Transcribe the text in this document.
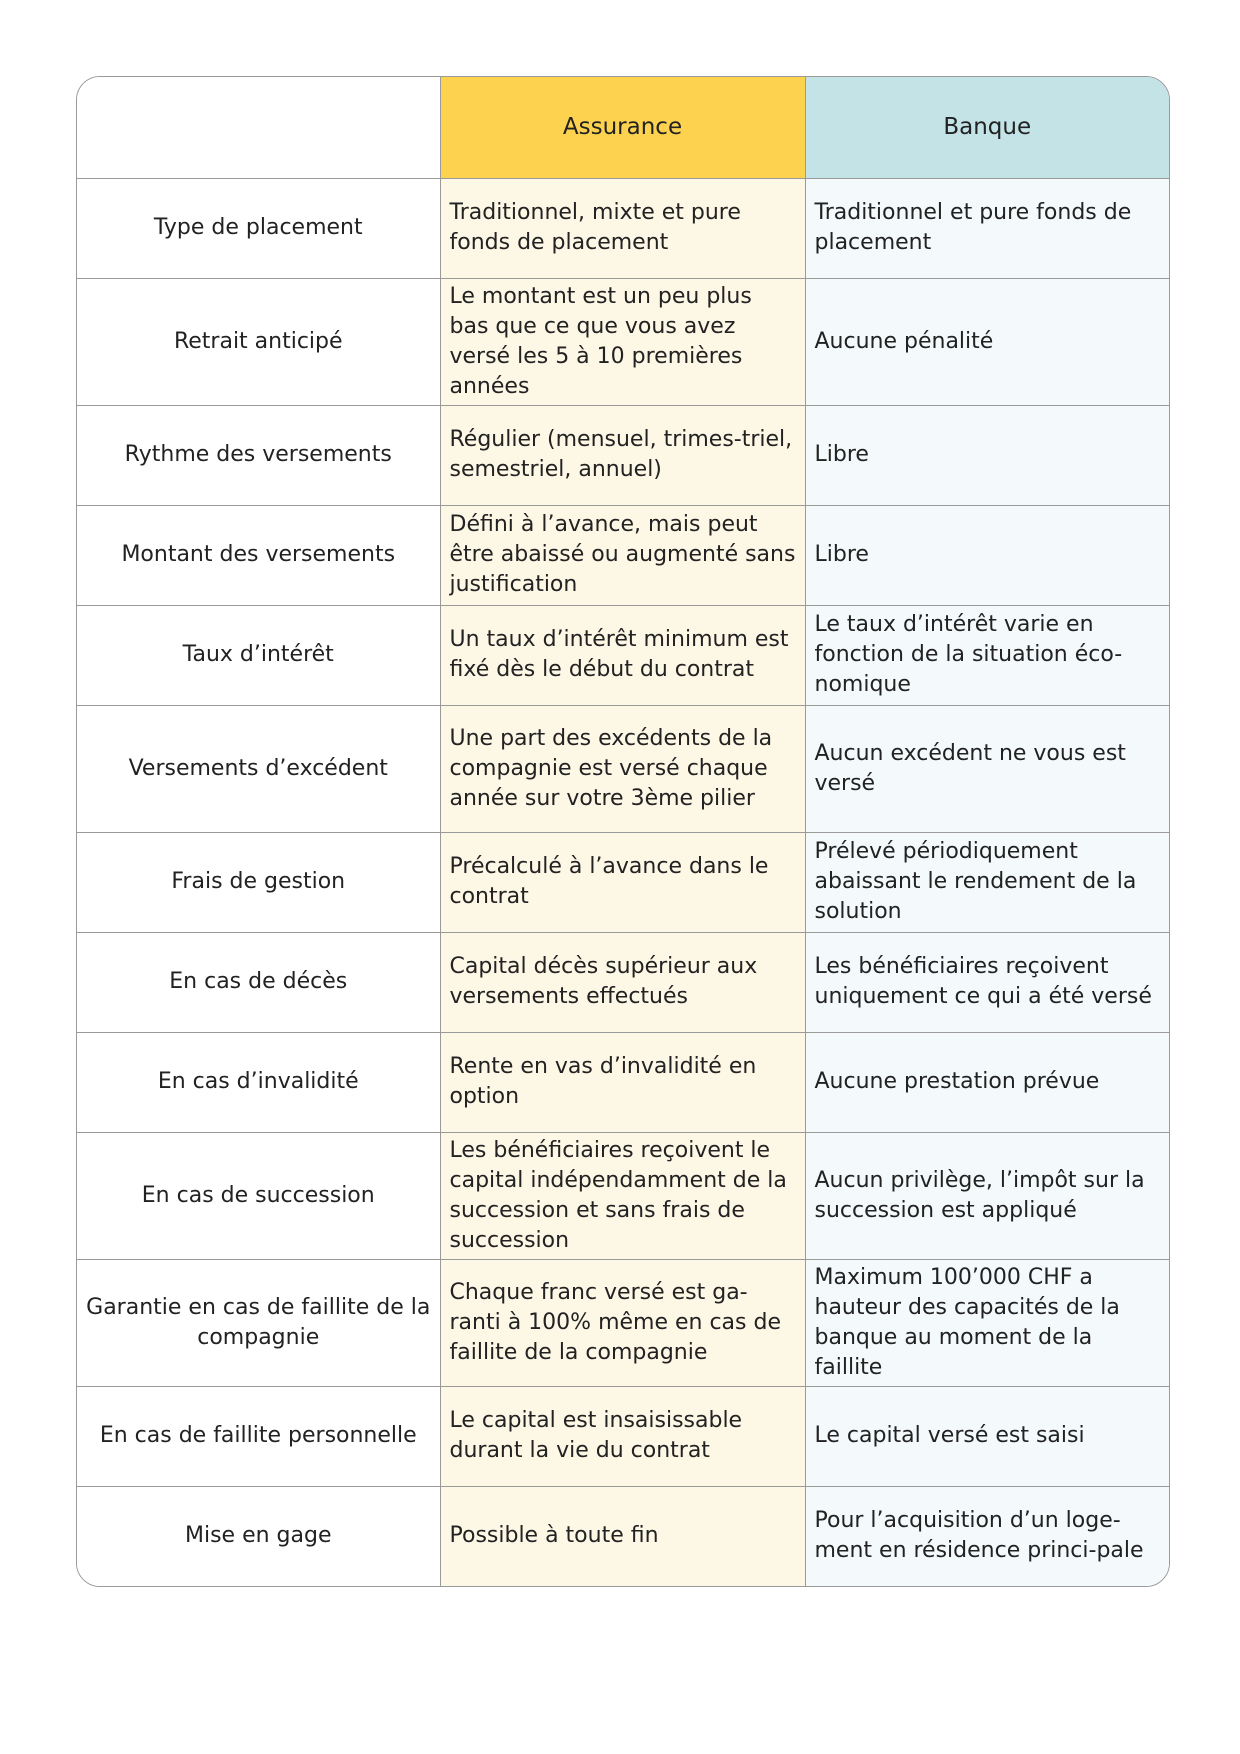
	Assurance	Banque
Type de placement	Traditionnel, mixte et pure fonds de placement	Traditionnel et pure fonds de placement
Retrait anticipé	Le montant est un peu plus bas que ce que vous avez versé les 5 à 10 premières années	Aucune pénalité
Rythme des versements	Régulier (mensuel, trimes-triel, semestriel, annuel)	Libre
Montant des versements	Défini à l’avance, mais peut être abaissé ou augmenté sans justification	Libre
Taux d’intérêt	Un taux d’intérêt minimum est fixé dès le début du contrat	Le taux d’intérêt varie en fonction de la situation éco-nomique
Versements d’excédent	Une part des excédents de la compagnie est versé chaque année sur votre 3ème pilier	Aucun excédent ne vous est versé
Frais de gestion	Précalculé à l’avance dans le contrat	Prélevé périodiquement abaissant le rendement de la solution
En cas de décès	Capital décès supérieur aux versements effectués	Les bénéficiaires reçoivent uniquement ce qui a été versé
En cas d’invalidité	Rente en vas d’invalidité en option	Aucune prestation prévue
En cas de succession	Les bénéficiaires reçoivent le capital indépendamment de la succession et sans frais de succession	Aucun privilège, l’impôt sur la succession est appliqué
Garantie en cas de faillite de la compagnie	Chaque franc versé est ga-ranti à 100% même en cas de faillite de la compagnie	Maximum 100’000 CHF a hauteur des capacités de la banque au moment de la faillite
En cas de faillite personnelle	Le capital est insaisissable durant la vie du contrat	Le capital versé est saisi
Mise en gage	Possible à toute fin	Pour l’acquisition d’un loge-ment en résidence princi-pale
